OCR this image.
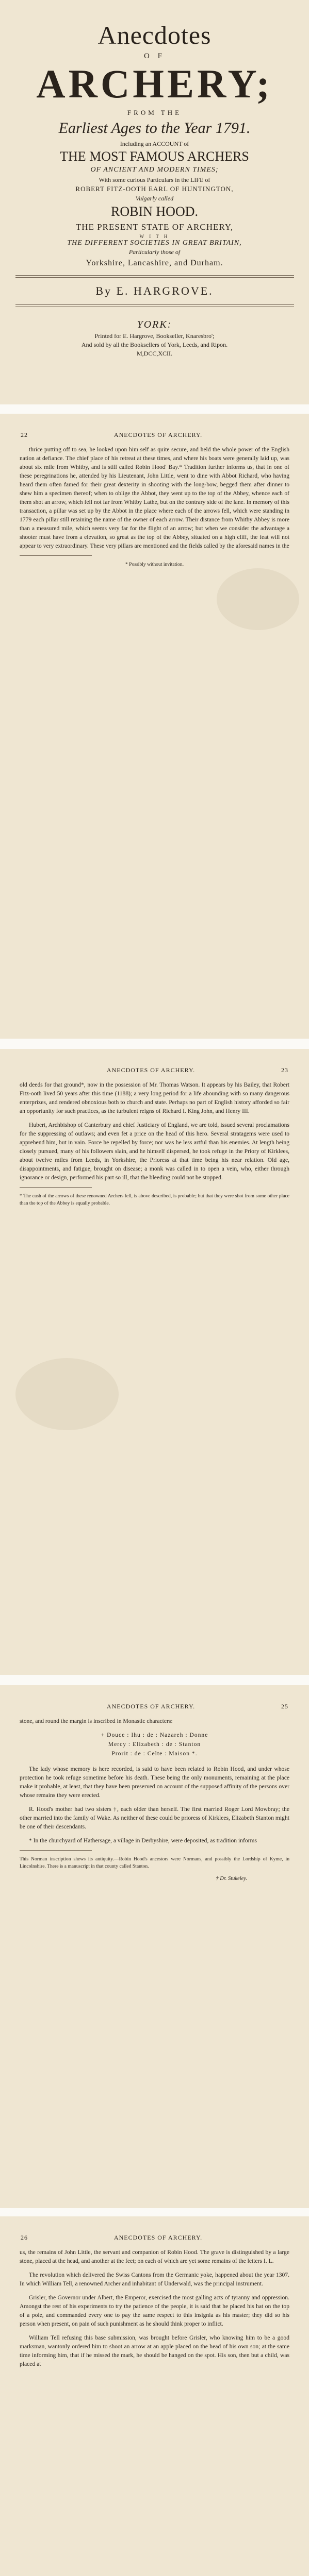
Anecdotes
O F
ARCHERY;
FROM THE
Earliest Ages to the Year 1791.
Including an ACCOUNT of
THE MOST FAMOUS ARCHERS
OF ANCIENT AND MODERN TIMES;
With some curious Particulars in the LIFE of
ROBERT FITZ-OOTH EARL OF HUNTINGTON,
Vulgarly called
ROBIN HOOD.
THE PRESENT STATE OF ARCHERY,
W I T H
THE DIFFERENT SOCIETIES IN GREAT BRITAIN,
Particularly those of
Yorkshire, Lancashire, and Durham.
By E. HARGROVE.
YORK:
Printed for E. Hargrove, Bookseller, Knaresbro';
And sold by all the Booksellers of York, Leeds, and Ripon.
M,DCC,XCII.
22	ANECDOTES OF ARCHERY.

thrice putting off to sea, he looked upon him self as quite secure, and held the whole power of the English nation at defiance. The chief place of his retreat at these times, and where his boats were generally laid up, was about six mile from Whitby, and is still called Robin Hood' Bay.* Tradition further informs us, that in one of these peregrinations he, attended by his Lieutenant, John Little, went to dine with Abbot Richard, who having heard them often famed for their great dexterity in shooting with the long-bow, begged them after dinner to shew him a specimen thereof; when to oblige the Abbot, they went up to the top of the Abbey, whence each of them shot an arrow, which fell not far from Whitby Lathe, but on the contrary side of the lane. In memory of this transaction, a pillar was set up by the Abbot in the place where each of the arrows fell, which were standing in 1779 each pillar still retaining the name of the owner of each arrow. Their distance from Whitby Abbey is more than a measured mile, which seems very far for the flight of an arrow; but when we consider the advantage a shooter must have from a elevation, so great as the top of the Abbey, situated on a high cliff, the feat will not appear to very extraordinary. These very pillars are mentioned and the fields called by the aforesaid names in the

* Possibly without invitation.
ANECDOTES OF ARCHERY.	23

old deeds for that ground*, now in the possession of Mr. Thomas Watson. It appears by his Bailey, that Robert Fitz-ooth lived 50 years after this time (1188); a very long period for a life abounding with so many dangerous enterprizes, and rendered obnoxious both to church and state. Perhaps no part of English history afforded so fair an opportunity for such practices, as the turbulent reigns of Richard I. King John, and Henry III.

Hubert, Archbishop of Canterbury and chief Justiciary of England, we are told, issued several proclamations for the suppressing of outlaws; and even fet a price on the head of this hero. Several stratagems were used to apprehend him, but in vain. Force he repelled by force; nor was he less artful than his enemies. At length being closely pursued, many of his followers slain, and he himself dispersed, he took refuge in the Priory of Kirklees, about twelve miles from Leeds, in Yorkshire, the Prioress at that time being his near relation. Old age, disappointments, and fatigue, brought on disease; a monk was called in to open a vein, who, either through ignorance or design, performed his part so ill, that the bleeding could not be stopped.

* The cash of the arrows of these renowned Archers fell, is above described, is probable; but that they were shot from some other place than the top of the Abbey is equally probable.
ANECDOTES OF ARCHERY.	25

stone, and round the margin is inscribed in Monastic characters:

+ Douce : Ihu : de : Nazareh : Donne
Mercy : Elizabeth : de : Stanton
Prorit : de : Celte : Maison *.

The lady whose memory is here recorded, is said to have been related to Robin Hood, and under whose protection he took refuge sometime before his death. These being the only monuments, remaining at the place make it probable, at least, that they have been preserved on account of the supposed affinity of the persons over whose remains they were erected.

R. Hood's mother had two sisters †, each older than herself. The first married Roger Lord Mowbray; the other married into the family of Wake. As neither of these could be prioress of Kirklees, Elizabeth Stanton might be one of their descendants.

* In the churchyard of Hathersage, a village in Derbyshire, were deposited, as tradition informs

This Norman inscription shews its antiquity.—Robin Hood's ancestors were Normans, and possibly the Lordship of Kyme, in Lincolnshire. There is a manuscript in that county called Stanton.
† Dr. Stukeley.
26	ANECDOTES OF ARCHERY.

us, the remains of John Little, the servant and companion of Robin Hood. The grave is distinguished by a large stone, placed at the head, and another at the feet; on each of which are yet some remains of the letters I. L.

The revolution which delivered the Swiss Cantons from the Germanic yoke, happened about the year 1307. In which William Tell, a renowned Archer and inhabitant of Underwald, was the principal instrument.

Grisler, the Governor under Albert, the Emperor, exercised the most galling acts of tyranny and oppression. Amongst the rest of his experiments to try the patience of the people, it is said that he placed his hat on the top of a pole, and commanded every one to pay the same respect to this insignia as his master; they did so his person when present, on pain of such punishment as he should think proper to inflict.

William Tell refusing this base submission, was brought before Grisler, who knowing him to be a good marksman, wantonly ordered him to shoot an arrow at an apple placed on the head of his own son; at the same time informing him, that if he missed the mark, he should be hanged on the spot. His son, then but a child, was placed at
